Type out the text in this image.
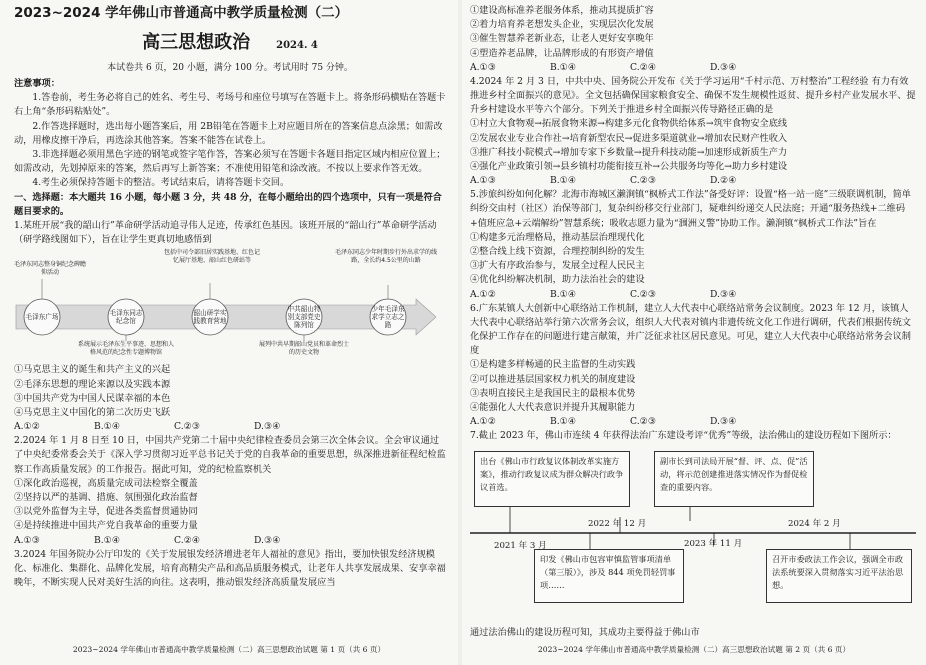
2023~2024 学年佛山市普通高中教学质量检测（二）

高三思想政治	2024. 4

本试卷共 6 页，20 小题，满分 100 分。考试用时 75 分钟。

注意事项：

1.答卷前，考生务必将自己的姓名、考生号、考场号和座位号填写在答题卡上。将条形码横贴在答题卡右上角“条形码粘贴处”。

2.作答选择题时，选出每小题答案后，用 2B铅笔在答题卡上对应题目所在的答案信息点涂黑；如需改动，用橡皮擦干净后，再选涂其他答案。答案不能答在试卷上。

3.非选择题必须用黑色字迹的钢笔或签字笔作答，答案必须写在答题卡各题目指定区域内相应位置上；如需改动，先划掉原来的答案，然后再写上新答案；不准使用铅笔和涂改液。不按以上要求作答无效。

4.考生必须保持答题卡的整洁。考试结束后，请将答题卡交回。

一、选择题：本大题共 16 小题，每小题 3 分，共 48 分，在每小题给出的四个选项中，只有一项是符合题目要求的。

1.某班开展“我的韶山行”革命研学活动追寻伟人足迹，传承红色基因。该班开展的“韶山行”革命研学活动（研学路线图如下），旨在让学生更真切地感悟到

毛泽东同志整身铜纪念碑瞻仰活动
包括中司令部旧居实践基地、红色记忆展厅基地、韶山红色研站等
毛泽东同志少年时期步行外出求学的线路，全长约4.5公里的山路
毛泽东广场	毛泽东同志纪念馆
韶山研学实践教育营地
中共韶山特别支部党史陈列馆
少年毛泽东求学立志之路
系统展示毛泽东生平事迹、思想和人格风范的纪念性专题博物馆
展列中共早期韶山党员和革命烈士的历史文物

①马克思主义的诞生和共产主义的兴起

②毛泽东思想的理论来源以及实践本源

③中国共产党为中国人民谋幸福的本色

④马克思主义中国化的第二次历史飞跃

A.①②	B.①④	C.②③	D.③④

2.2024 年 1 月 8 日至 10 日，中国共产党第二十届中央纪律检查委员会第三次全体会议。全会审议通过了中央纪委常委会关于《深入学习贯彻习近平总书记关于党的自我革命的重要思想，纵深推进新征程纪检监察工作高质量发展》的工作报告。据此可知，党的纪检监察机关

①深化政治巡视，高质量完成司法检察全覆盖

②坚持以严的基调、措施、氛围强化政治监督

③以党外监督为主导，促进各类监督贯通协同

④是持续推进中国共产党自我革命的重要力量

A.①③	B.①④	C.②④	D.③④

3.2024 年国务院办公厅印发的《关于发展银发经济增进老年人福祉的意见》指出，要加快银发经济规模化、标准化、集群化、品牌化发展，培育高精尖产品和高品质服务模式，让老年人共享发展成果、安享幸福晚年，不断实现人民对美好生活的向往。这表明，推动银发经济高质量发展应当

2023~2024 学年佛山市普通高中教学质量检测（二）高三思想政治试题 第 1 页（共 6 页）

①建设高标准养老服务体系，推动其提质扩容

②着力培育养老想发头企业，实现层次化发展

③催生智慧养老新业态，让老人更好安享晚年

④塑造养老品牌，让品牌形成的有形资产增值

A.①③	B.①④	C.②④	D.③④

4.2024 年 2 月 3 日，中共中央、国务院公开发布《关于学习运用“千村示范、万村整治”工程经验 有力有效推进乡村全面振兴的意见》。全文包括确保国家粮食安全、确保不发生规模性返贫、提升乡村产业发展水平、提升乡村建设水平等六个部分。下列关于推进乡村全面振兴传导路径正确的是

①村立大食物观→拓展食物来源→构建多元化食物供给体系→筑牢食物安全底线

②发展农业专业合作社→培育新型农民→促进多渠道就业→增加农民财产性收入

③推广科技小院模式→增加专家下乡数量→提升科技动能→加速形成新质生产力

④强化产业政策引领→县乡镇村功能衔接互补→公共服务均等化→助力乡村建设

A.①③	B.①④	C.②③	D.②④

5.涉旅纠纷如何化解？北海市海城区濑涧镇“枫桥式工作法”备受好评：设置“格一站一庭”三级联调机制，简单纠纷交由村（社区）治保等部门，复杂纠纷移交行业部门，疑难纠纷递交人民法庭；开通“服务热线+二维码+值班应急+云端解纷”智慧系统；吸收志愿力量为“涠洲义警”协助工作。濑涧镇“枫桥式工作法”旨在

①构建多元治理格局，推动基层治理现代化

②整合线上线下资源，合理控制纠纷的发生

③扩大有序政治参与，发展全过程人民民主

④优化纠纷解决机制，助力法治社会的建设

A.①②	B.①④	C.②③	D.③④

6.广东某镇人大创新中心联络站工作机制，建立人大代表中心联络站常务会议制度。2023 年 12 月，该镇人大代表中心联络站举行第六次常务会议，组织人大代表对镇内非遗传统文化工作进行调研，代表们根据传统文化保护工作存在的问题进行建言献策，并广泛征求社区居民意见。可见，建立人大代表中心联络站常务会议制度

①是构建多样畅通的民主监督的生动实践

②可以推进基层国家权力机关的制度建设

③表明直接民主是我国民主的最根本优势

④能强化人大代表意识并提升其履职能力

A.①②	B.①④	C.②③	D.③④

7.截止 2023 年，佛山市连续 4 年获得法治广东建设考评“优秀”等级，法治佛山的建设历程如下图所示：

出台《佛山市行政复议体制改革实施方案》，推动行政复议成为群众解决行政争议首选。
副市长到司法局开展“督、评、点、促”活动，将示范创建推进落实情况作为督促检查的重要内容。
印发《佛山市包容审慎监管事项清单（第三版）》，涉及 844 项免罚轻罚事项……
召开市委政法工作会议，强调全市政法系统要深入贯彻落实习近平法治思想。
2021 年 3 月
2022 年 12 月
2023 年 11 月
2024 年 2 月

通过法治佛山的建设历程可知，其成功主要得益于佛山市

2023~2024 学年佛山市普通高中教学质量检测（二）高三思想政治试题 第 2 页（共 6 页）
